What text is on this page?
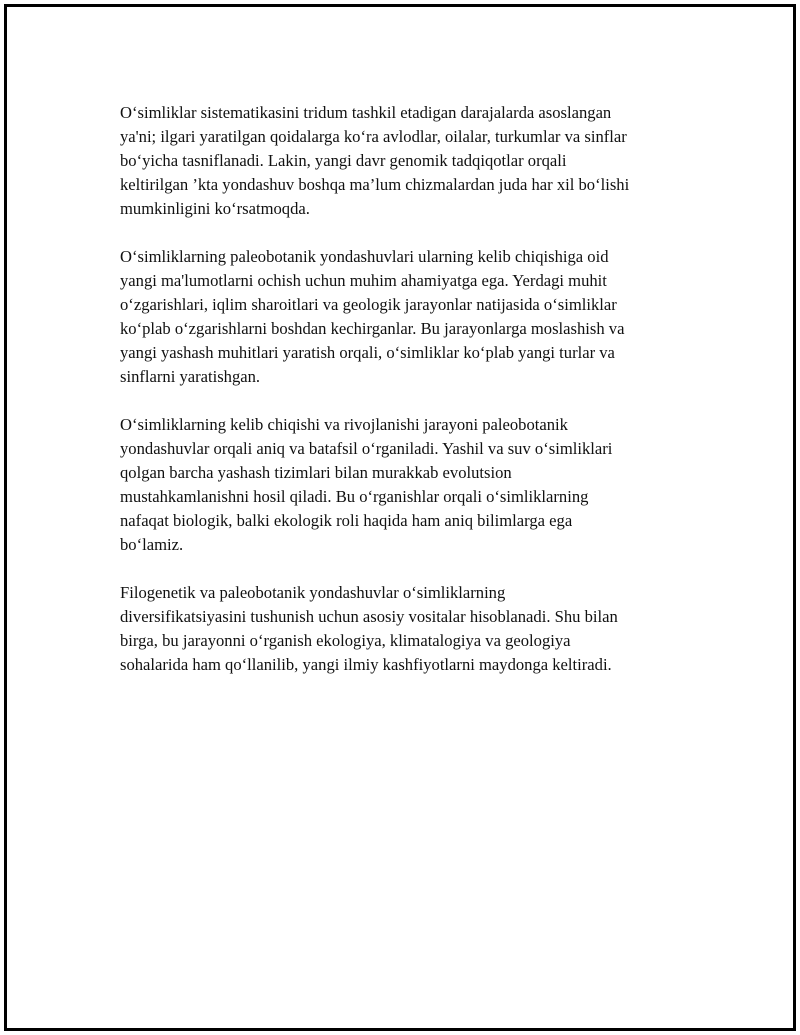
O‘simliklar sistematikasini tridum tashkil etadigan darajalarda asoslangan
ya'ni; ilgari yaratilgan qoidalarga ko‘ra avlodlar, oilalar, turkumlar va sinflar
bo‘yicha tasniflanadi. Lakin, yangi davr genomik tadqiqotlar orqali
keltirilgan ’kta yondashuv boshqa ma’lum chizmalardan juda har xil bo‘lishi
mumkinligini ko‘rsatmoqda.

O‘simliklarning paleobotanik yondashuvlari ularning kelib chiqishiga oid
yangi ma'lumotlarni ochish uchun muhim ahamiyatga ega. Yerdagi muhit
o‘zgarishlari, iqlim sharoitlari va geologik jarayonlar natijasida o‘simliklar
ko‘plab o‘zgarishlarni boshdan kechirganlar. Bu jarayonlarga moslashish va
yangi yashash muhitlari yaratish orqali, o‘simliklar ko‘plab yangi turlar va
sinflarni yaratishgan.

O‘simliklarning kelib chiqishi va rivojlanishi jarayoni paleobotanik
yondashuvlar orqali aniq va batafsil o‘rganiladi. Yashil va suv o‘simliklari
qolgan barcha yashash tizimlari bilan murakkab evolutsion
mustahkamlanishni hosil qiladi. Bu o‘rganishlar orqali o‘simliklarning
nafaqat biologik, balki ekologik roli haqida ham aniq bilimlarga ega
bo‘lamiz.

Filogenetik va paleobotanik yondashuvlar o‘simliklarning
diversifikatsiyasini tushunish uchun asosiy vositalar hisoblanadi. Shu bilan
birga, bu jarayonni o‘rganish ekologiya, klimatalogiya va geologiya
sohalarida ham qo‘llanilib, yangi ilmiy kashfiyotlarni maydonga keltiradi.
